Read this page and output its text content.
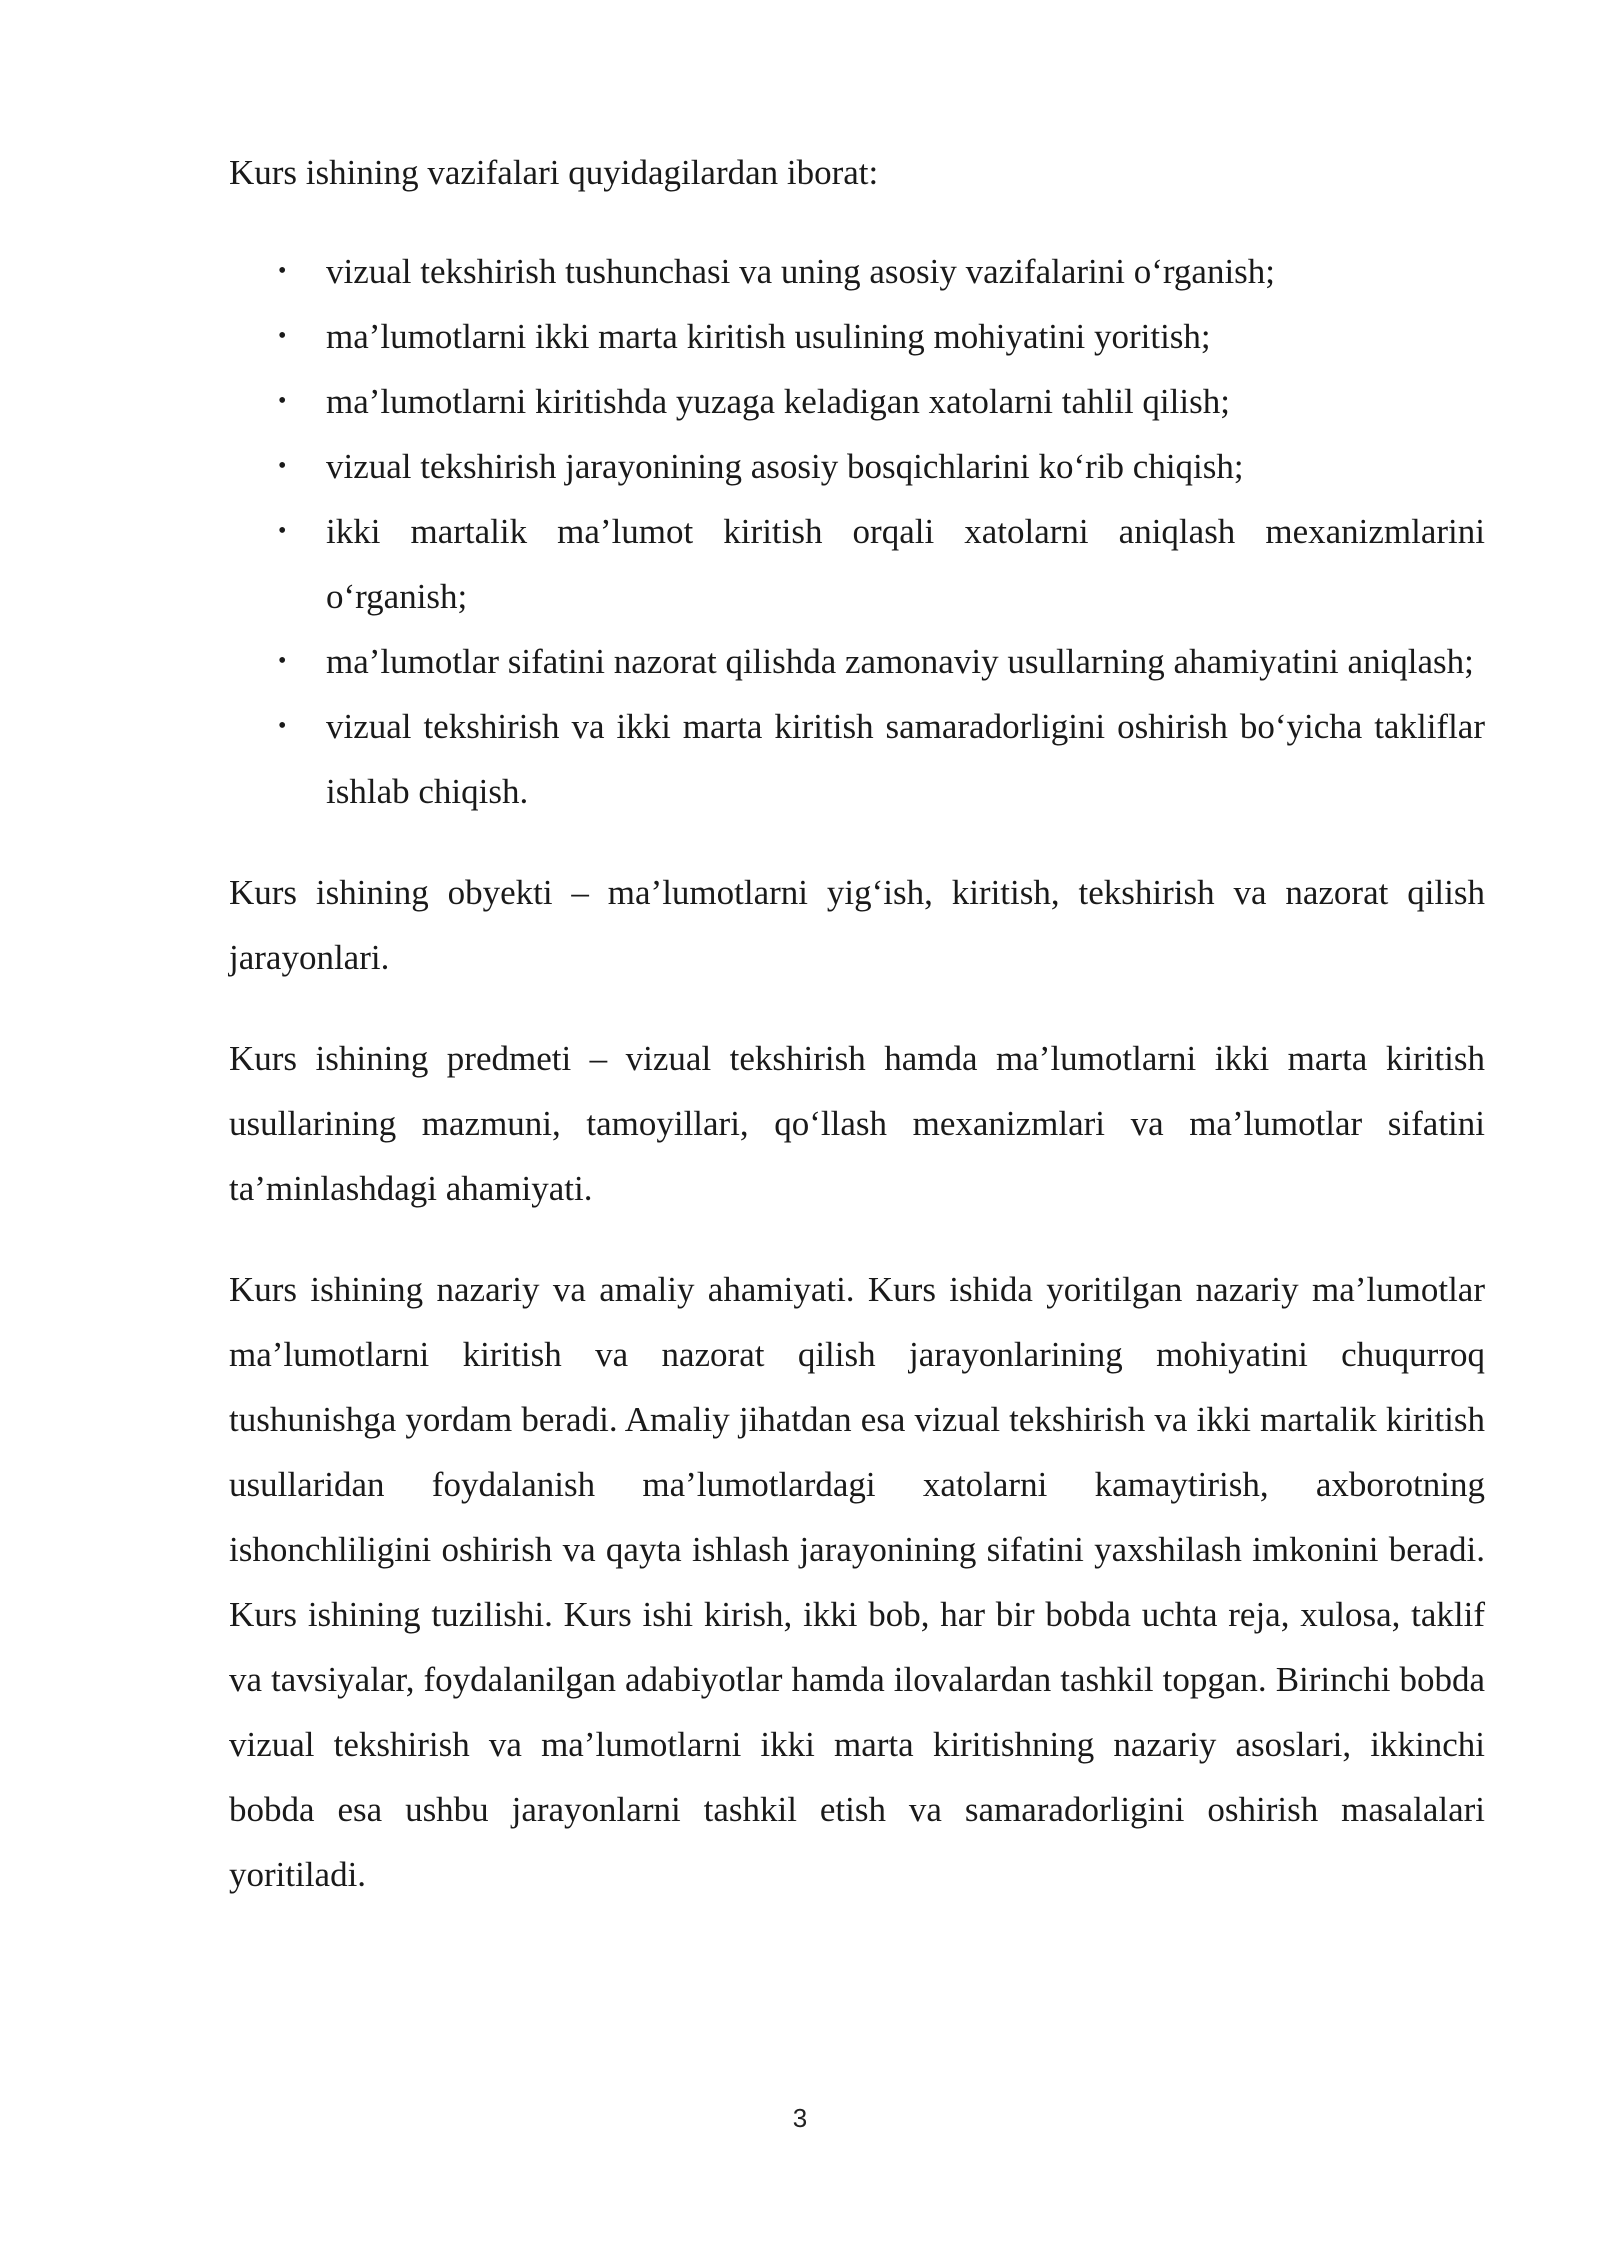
Kurs ishining vazifalari quyidagilardan iborat:

• vizual tekshirish tushunchasi va uning asosiy vazifalarini o‘rganish;
• ma’lumotlarni ikki marta kiritish usulining mohiyatini yoritish;
• ma’lumotlarni kiritishda yuzaga keladigan xatolarni tahlil qilish;
• vizual tekshirish jarayonining asosiy bosqichlarini ko‘rib chiqish;
• ikki martalik ma’lumot kiritish orqali xatolarni aniqlash mexanizmlarini o‘rganish;
• ma’lumotlar sifatini nazorat qilishda zamonaviy usullarning ahamiyatini aniqlash;
• vizual tekshirish va ikki marta kiritish samaradorligini oshirish bo‘yicha takliflar ishlab chiqish.

Kurs ishining obyekti – ma’lumotlarni yig‘ish, kiritish, tekshirish va nazorat qilish jarayonlari.

Kurs ishining predmeti – vizual tekshirish hamda ma’lumotlarni ikki marta kiritish usullarining mazmuni, tamoyillari, qo‘llash mexanizmlari va ma’lumotlar sifatini ta’minlashdagi ahamiyati.

Kurs ishining nazariy va amaliy ahamiyati. Kurs ishida yoritilgan nazariy ma’lumotlar ma’lumotlarni kiritish va nazorat qilish jarayonlarining mohiyatini chuqurroq tushunishga yordam beradi. Amaliy jihatdan esa vizual tekshirish va ikki martalik kiritish usullaridan foydalanish ma’lumotlardagi xatolarni kamaytirish, axborotning ishonchliligini oshirish va qayta ishlash jarayonining sifatini yaxshilash imkonini beradi. Kurs ishining tuzilishi. Kurs ishi kirish, ikki bob, har bir bobda uchta reja, xulosa, taklif va tavsiyalar, foydalanilgan adabiyotlar hamda ilovalardan tashkil topgan. Birinchi bobda vizual tekshirish va ma’lumotlarni ikki marta kiritishning nazariy asoslari, ikkinchi bobda esa ushbu jarayonlarni tashkil etish va samaradorligini oshirish masalalari yoritiladi.

3
